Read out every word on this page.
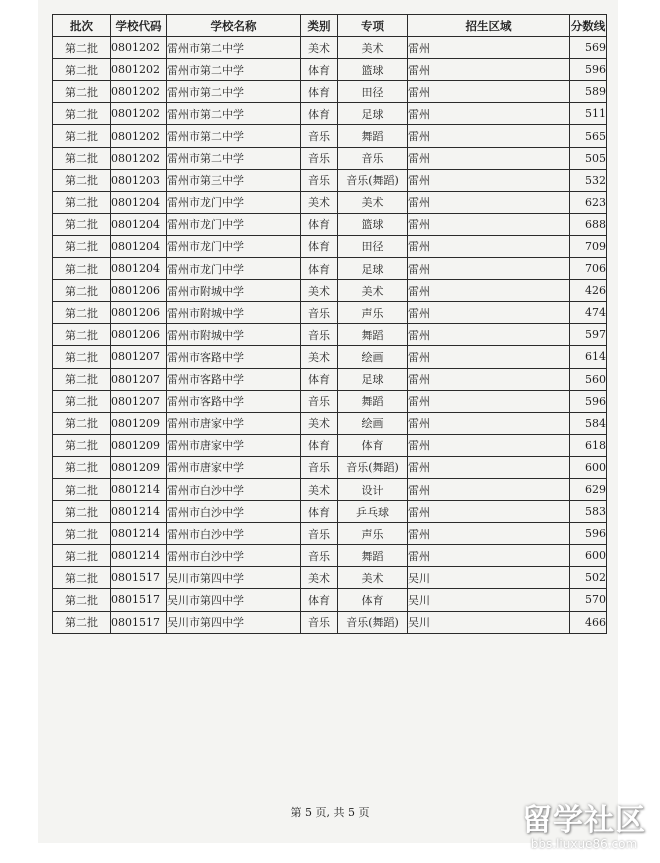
批次	学校代码	学校名称	类别	专项	招生区域	分数线
第二批	0801202	雷州市第二中学	美术	美术	雷州	569
第二批	0801202	雷州市第二中学	体育	篮球	雷州	596
第二批	0801202	雷州市第二中学	体育	田径	雷州	589
第二批	0801202	雷州市第二中学	体育	足球	雷州	511
第二批	0801202	雷州市第二中学	音乐	舞蹈	雷州	565
第二批	0801202	雷州市第二中学	音乐	音乐	雷州	505
第二批	0801203	雷州市第三中学	音乐	音乐(舞蹈)	雷州	532
第二批	0801204	雷州市龙门中学	美术	美术	雷州	623
第二批	0801204	雷州市龙门中学	体育	篮球	雷州	688
第二批	0801204	雷州市龙门中学	体育	田径	雷州	709
第二批	0801204	雷州市龙门中学	体育	足球	雷州	706
第二批	0801206	雷州市附城中学	美术	美术	雷州	426
第二批	0801206	雷州市附城中学	音乐	声乐	雷州	474
第二批	0801206	雷州市附城中学	音乐	舞蹈	雷州	597
第二批	0801207	雷州市客路中学	美术	绘画	雷州	614
第二批	0801207	雷州市客路中学	体育	足球	雷州	560
第二批	0801207	雷州市客路中学	音乐	舞蹈	雷州	596
第二批	0801209	雷州市唐家中学	美术	绘画	雷州	584
第二批	0801209	雷州市唐家中学	体育	体育	雷州	618
第二批	0801209	雷州市唐家中学	音乐	音乐(舞蹈)	雷州	600
第二批	0801214	雷州市白沙中学	美术	设计	雷州	629
第二批	0801214	雷州市白沙中学	体育	乒乓球	雷州	583
第二批	0801214	雷州市白沙中学	音乐	声乐	雷州	596
第二批	0801214	雷州市白沙中学	音乐	舞蹈	雷州	600
第二批	0801517	吴川市第四中学	美术	美术	吴川	502
第二批	0801517	吴川市第四中学	体育	体育	吴川	570
第二批	0801517	吴川市第四中学	音乐	音乐(舞蹈)	吴川	466
第 5 页, 共 5 页	留学社区
bbs.liuxue86.com
